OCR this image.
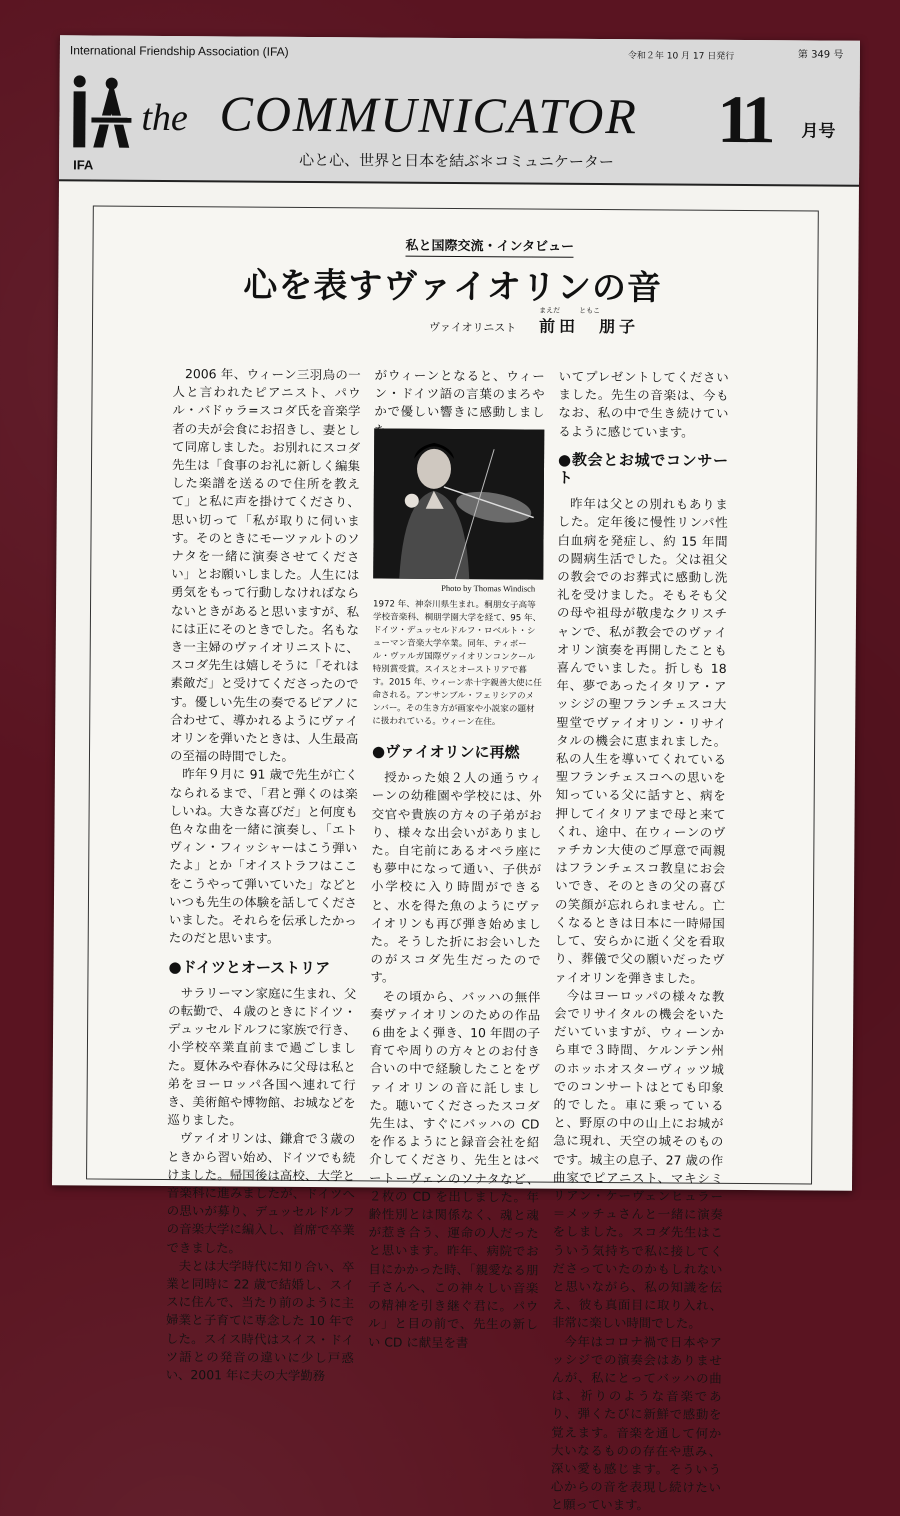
International Friendship Association (IFA)	令和２年 10 月 17 日発行	第 349 号
IFA
the COMMUNICATOR 11 月号
心と心、世界と日本を結ぶ＊コミュニケーター
私と国際交流・インタビュー
心を表すヴァイオリンの音
ヴァイオリニスト
まえだ	ともこ
前田　朋子

2006 年、ウィーン三羽烏の一人と言われたピアニスト、パウル・バドゥラ=スコダ氏を音楽学者の夫が会食にお招きし、妻として同席しました。お別れにスコダ先生は「食事のお礼に新しく編集した楽譜を送るので住所を教えて」と私に声を掛けてくださり、思い切って「私が取りに伺います。そのときにモーツァルトのソナタを一緒に演奏させてください」とお願いしました。人生には勇気をもって行動しなければならないときがあると思いますが、私には正にそのときでした。名もなき一主婦のヴァイオリニストに、スコダ先生は嬉しそうに「それは素敵だ」と受けてくださったのです。優しい先生の奏でるピアノに合わせて、導かれるようにヴァイオリンを弾いたときは、人生最高の至福の時間でした。

昨年９月に 91 歳で先生が亡くなられるまで、「君と弾くのは楽しいね。大きな喜びだ」と何度も色々な曲を一緒に演奏し、「エトヴィン・フィッシャーはこう弾いたよ」とか「オイストラフはここをこうやって弾いていた」などといつも先生の体験を話してくださいました。それらを伝承したかったのだと思います。

●ドイツとオーストリア

サラリーマン家庭に生まれ、父の転勤で、４歳のときにドイツ・デュッセルドルフに家族で行き、小学校卒業直前まで過ごしました。夏休みや春休みに父母は私と弟をヨーロッパ各国へ連れて行き、美術館や博物館、お城などを巡りました。

ヴァイオリンは、鎌倉で３歳のときから習い始め、ドイツでも続けました。帰国後は高校、大学と音楽科に進みましたが、ドイツへの思いが募り、デュッセルドルフの音楽大学に編入し、首席で卒業できました。

夫とは大学時代に知り合い、卒業と同時に 22 歳で結婚し、スイスに住んで、当たり前のように主婦業と子育てに専念した 10 年でした。スイス時代はスイス・ドイツ語との発音の違いに少し戸惑い、2001 年に夫の大学勤務

がウィーンとなると、ウィーン・ドイツ語の言葉のまろやかで優しい響きに感動しました。

Photo by Thomas Windisch
1972 年、神奈川県生まれ。桐朋女子高等学校音楽科、桐朋学園大学を経て、95 年、ドイツ・デュッセルドルフ・ロベルト・シューマン音楽大学卒業。同年、ティボール・ヴァルガ国際ヴァイオリンコンクール特別賞受賞。スイスとオーストリアで暮す。2015 年、ウィーン赤十字親善大使に任命される。アンサンブル・フェリシアのメンバー。その生き方が画家や小説家の題材に扱われている。ウィーン在住。
●ヴァイオリンに再燃

授かった娘２人の通うウィーンの幼稚園や学校には、外交官や貴族の方々の子弟がおり、様々な出会いがありました。自宅前にあるオペラ座にも夢中になって通い、子供が小学校に入り時間ができると、水を得た魚のようにヴァイオリンも再び弾き始めました。そうした折にお会いしたのがスコダ先生だったのです。

その頃から、バッハの無伴奏ヴァイオリンのための作品６曲をよく弾き、10 年間の子育てや周りの方々とのお付き合いの中で経験したことをヴァイオリンの音に託しました。聴いてくださったスコダ先生は、すぐにバッハの CD を作るようにと録音会社を紹介してくださり、先生とはベートーヴェンのソナタなど、２枚の CD を出しました。年齢性別とは関係なく、魂と魂が惹き合う、運命の人だったと思います。昨年、病院でお目にかかった時、「親愛なる朋子さんへ、この神々しい音楽の精神を引き継ぐ君に。パウル」と目の前で、先生の新しい CD に献呈を書

いてプレゼントしてくださいました。先生の音楽は、今もなお、私の中で生き続けているように感じています。

●教会とお城でコンサート

昨年は父との別れもありました。定年後に慢性リンパ性白血病を発症し、約 15 年間の闘病生活でした。父は祖父の教会でのお葬式に感動し洗礼を受けました。そもそも父の母や祖母が敬虔なクリスチャンで、私が教会でのヴァイオリン演奏を再開したことも喜んでいました。折しも 18 年、夢であったイタリア・アッシジの聖フランチェスコ大聖堂でヴァイオリン・リサイタルの機会に恵まれました。私の人生を導いてくれている聖フランチェスコへの思いを知っている父に話すと、病を押してイタリアまで母と来てくれ、途中、在ウィーンのヴァチカン大使のご厚意で両親はフランチェスコ教皇にお会いでき、そのときの父の喜びの笑顔が忘れられません。亡くなるときは日本に一時帰国して、安らかに逝く父を看取り、葬儀で父の願いだったヴァイオリンを弾きました。

今はヨーロッパの様々な教会でリサイタルの機会をいただいていますが、ウィーンから車で３時間、ケルンテン州のホッホオスターヴィッツ城でのコンサートはとても印象的でした。車に乗っていると、野原の中の山上にお城が急に現れ、天空の城そのものです。城主の息子、27 歳の作曲家でピアニスト、マキシミリアン・ケーヴェンヒュラー＝メッチュさんと一緒に演奏をしました。スコダ先生はこういう気持ちで私に接してくださっていたのかもしれないと思いながら、私の知識を伝え、彼も真面目に取り入れ、非常に楽しい時間でした。

今年はコロナ禍で日本やアッシジでの演奏会はありませんが、私にとってバッハの曲は、祈りのような音楽であり、弾くたびに新鮮で感動を覚えます。音楽を通して何か大いなるものの存在や恵み、深い愛も感じます。そういう心からの音を表現し続けたいと願っています。
